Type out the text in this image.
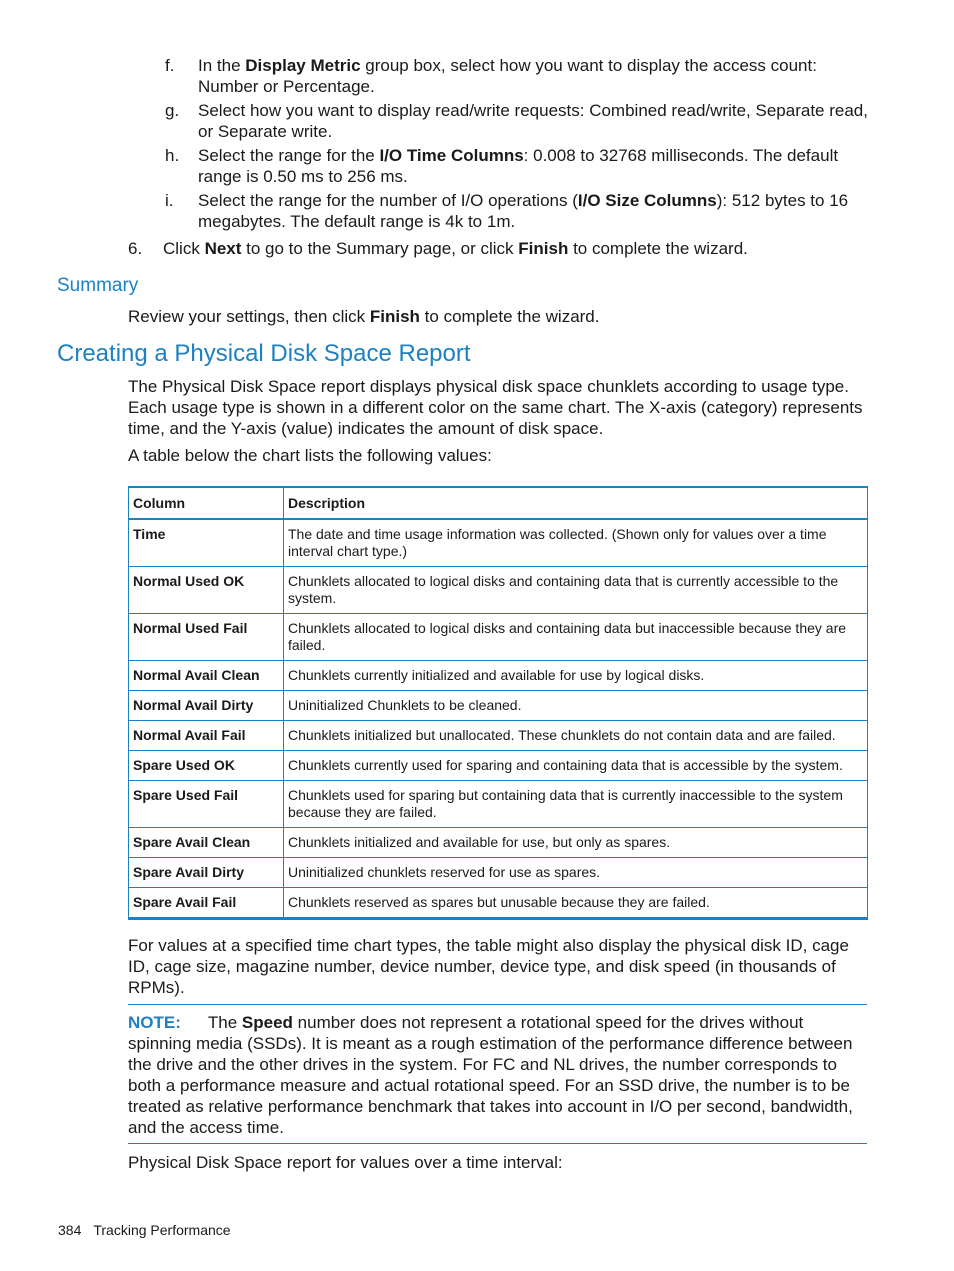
f. In the Display Metric group box, select how you want to display the access count: Number or Percentage.
g. Select how you want to display read/write requests: Combined read/write, Separate read, or Separate write.
h. Select the range for the I/O Time Columns: 0.008 to 32768 milliseconds. The default range is 0.50 ms to 256 ms.
i. Select the range for the number of I/O operations (I/O Size Columns): 512 bytes to 16 megabytes. The default range is 4k to 1m.
6. Click Next to go to the Summary page, or click Finish to complete the wizard.
Summary
Review your settings, then click Finish to complete the wizard.
Creating a Physical Disk Space Report
The Physical Disk Space report displays physical disk space chunklets according to usage type. Each usage type is shown in a different color on the same chart. The X-axis (category) represents time, and the Y-axis (value) indicates the amount of disk space.
A table below the chart lists the following values:
Column	Description
Time	The date and time usage information was collected. (Shown only for values over a time interval chart type.)
Normal Used OK	Chunklets allocated to logical disks and containing data that is currently accessible to the system.
Normal Used Fail	Chunklets allocated to logical disks and containing data but inaccessible because they are failed.
Normal Avail Clean	Chunklets currently initialized and available for use by logical disks.
Normal Avail Dirty	Uninitialized Chunklets to be cleaned.
Normal Avail Fail	Chunklets initialized but unallocated. These chunklets do not contain data and are failed.
Spare Used OK	Chunklets currently used for sparing and containing data that is accessible by the system.
Spare Used Fail	Chunklets used for sparing but containing data that is currently inaccessible to the system because they are failed.
Spare Avail Clean	Chunklets initialized and available for use, but only as spares.
Spare Avail Dirty	Uninitialized chunklets reserved for use as spares.
Spare Avail Fail	Chunklets reserved as spares but unusable because they are failed.
For values at a specified time chart types, the table might also display the physical disk ID, cage ID, cage size, magazine number, device number, device type, and disk speed (in thousands of RPMs).
NOTE: The Speed number does not represent a rotational speed for the drives without spinning media (SSDs). It is meant as a rough estimation of the performance difference between the drive and the other drives in the system. For FC and NL drives, the number corresponds to both a performance measure and actual rotational speed. For an SSD drive, the number is to be treated as relative performance benchmark that takes into account in I/O per second, bandwidth, and the access time.
Physical Disk Space report for values over a time interval:
384 Tracking Performance
